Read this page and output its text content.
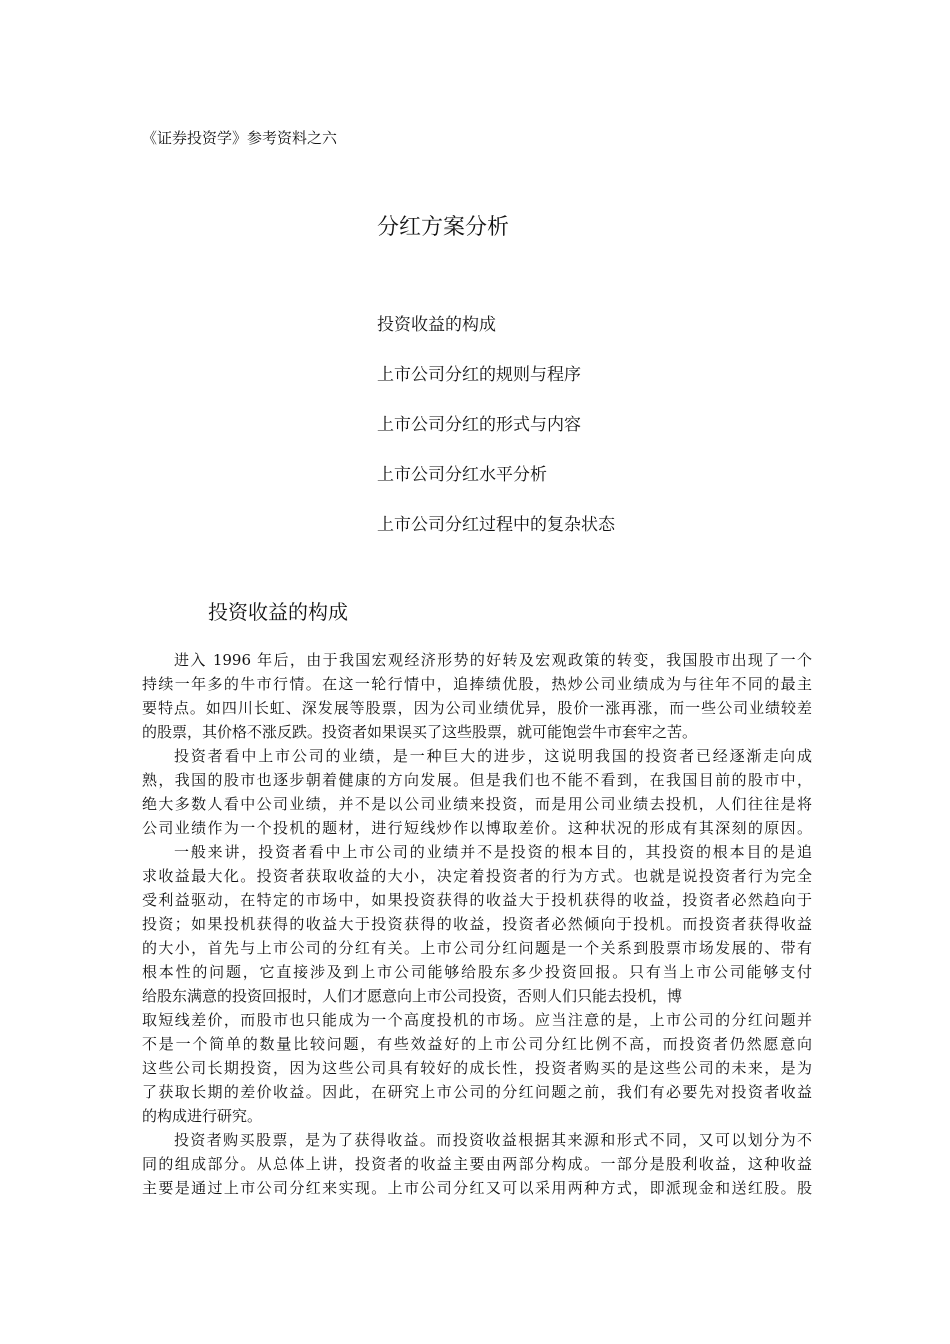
《证券投资学》参考资料之六
分红方案分析
投资收益的构成
上市公司分红的规则与程序
上市公司分红的形式与内容
上市公司分红水平分析
上市公司分红过程中的复杂状态
投资收益的构成
进入 1996 年后，由于我国宏观经济形势的好转及宏观政策的转变，我国股市出现了一个
持续一年多的牛市行情。在这一轮行情中，追捧绩优股，热炒公司业绩成为与往年不同的最主
要特点。如四川长虹、深发展等股票，因为公司业绩优异，股价一涨再涨，而一些公司业绩较差
的股票，其价格不涨反跌。投资者如果误买了这些股票，就可能饱尝牛市套牢之苦。
投资者看中上市公司的业绩，是一种巨大的进步，这说明我国的投资者已经逐渐走向成
熟，我国的股市也逐步朝着健康的方向发展。但是我们也不能不看到，在我国目前的股市中，
绝大多数人看中公司业绩，并不是以公司业绩来投资，而是用公司业绩去投机，人们往往是将
公司业绩作为一个投机的题材，进行短线炒作以博取差价。这种状况的形成有其深刻的原因。
一般来讲，投资者看中上市公司的业绩并不是投资的根本目的，其投资的根本目的是追
求收益最大化。投资者获取收益的大小，决定着投资者的行为方式。也就是说投资者行为完全
受利益驱动，在特定的市场中，如果投资获得的收益大于投机获得的收益，投资者必然趋向于
投资；如果投机获得的收益大于投资获得的收益，投资者必然倾向于投机。而投资者获得收益
的大小，首先与上市公司的分红有关。上市公司分红问题是一个关系到股票市场发展的、带有
根本性的问题，它直接涉及到上市公司能够给股东多少投资回报。只有当上市公司能够支付
给股东满意的投资回报时，人们才愿意向上市公司投资，否则人们只能去投机，博
取短线差价，而股市也只能成为一个高度投机的市场。应当注意的是，上市公司的分红问题并
不是一个简单的数量比较问题，有些效益好的上市公司分红比例不高，而投资者仍然愿意向
这些公司长期投资，因为这些公司具有较好的成长性，投资者购买的是这些公司的未来，是为
了获取长期的差价收益。因此，在研究上市公司的分红问题之前，我们有必要先对投资者收益
的构成进行研究。
投资者购买股票，是为了获得收益。而投资收益根据其来源和形式不同，又可以划分为不
同的组成部分。从总体上讲，投资者的收益主要由两部分构成。一部分是股利收益，这种收益
主要是通过上市公司分红来实现。上市公司分红又可以采用两种方式，即派现金和送红股。股
